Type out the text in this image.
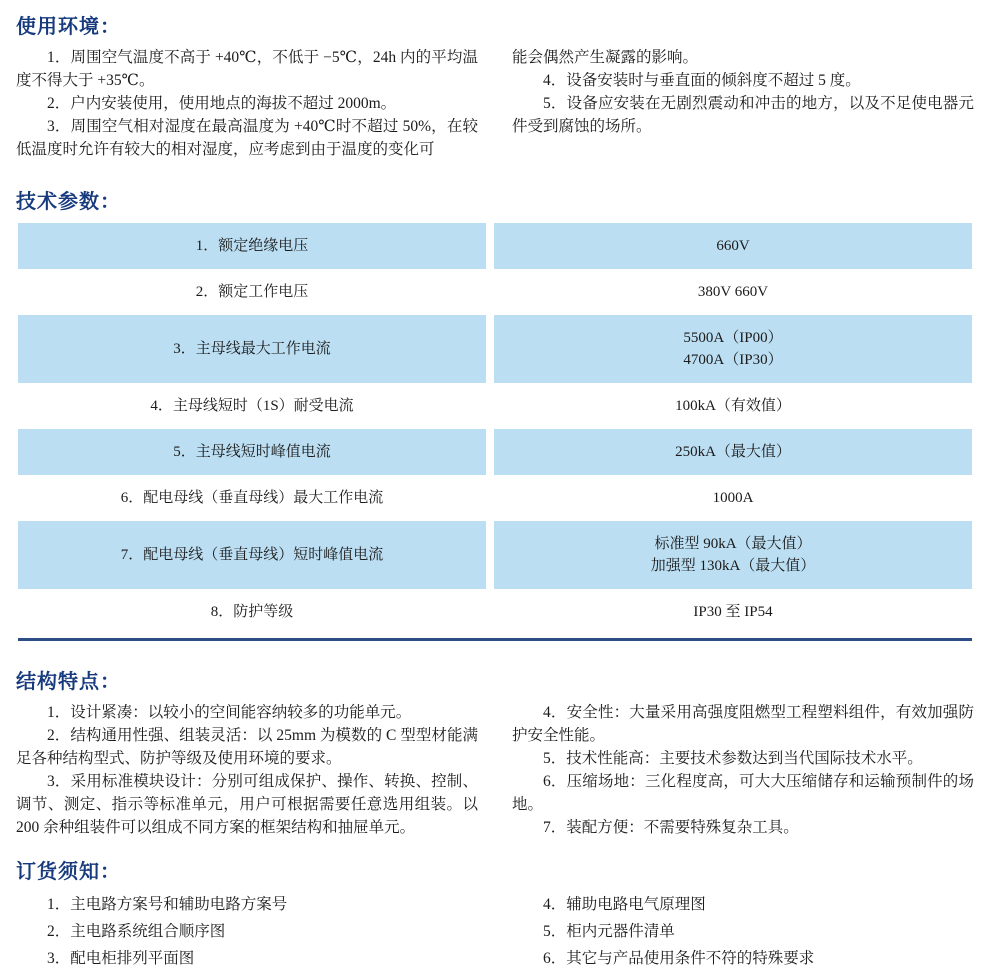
使用环境：

1．周围空气温度不高于 +40℃，不低于 −5℃，24h 内的平均温度不得大于 +35℃。

2．户内安装使用，使用地点的海拔不超过 2000m。

3．周围空气相对湿度在最高温度为 +40℃时不超过 50%，在较低温度时允许有较大的相对湿度，应考虑到由于温度的变化可

能会偶然产生凝露的影响。

4．设备安装时与垂直面的倾斜度不超过 5 度。

5．设备应安装在无剧烈震动和冲击的地方，以及不足使电器元件受到腐蚀的场所。

技术参数：
1．额定绝缘电压	660V
2．额定工作电压	380V 660V
3．主母线最大工作电流
5500A（IP00）
4700A（IP30）
4．主母线短时（1S）耐受电流	100kA（有效值）
5．主母线短时峰值电流	250kA（最大值）
6．配电母线（垂直母线）最大工作电流	1000A
7．配电母线（垂直母线）短时峰值电流
标准型 90kA（最大值）
加强型 130kA（最大值）
8．防护等级	IP30 至 IP54
结构特点：

1．设计紧凑：以较小的空间能容纳较多的功能单元。

2．结构通用性强、组装灵活：以 25mm 为模数的 C 型型材能满足各种结构型式、防护等级及使用环境的要求。

3．采用标准模块设计：分别可组成保护、操作、转换、控制、调节、测定、指示等标准单元，用户可根据需要任意选用组装。以 200 余种组装件可以组成不同方案的框架结构和抽屉单元。

4．安全性：大量采用高强度阻燃型工程塑料组件，有效加强防护安全性能。

5．技术性能高：主要技术参数达到当代国际技术水平。

6．压缩场地：三化程度高，可大大压缩储存和运输预制件的场地。

7．装配方便：不需要特殊复杂工具。

订货须知：

1．主电路方案号和辅助电路方案号

2．主电路系统组合顺序图

3．配电柜排列平面图

4．辅助电路电气原理图

5．柜内元器件清单

6．其它与产品使用条件不符的特殊要求
